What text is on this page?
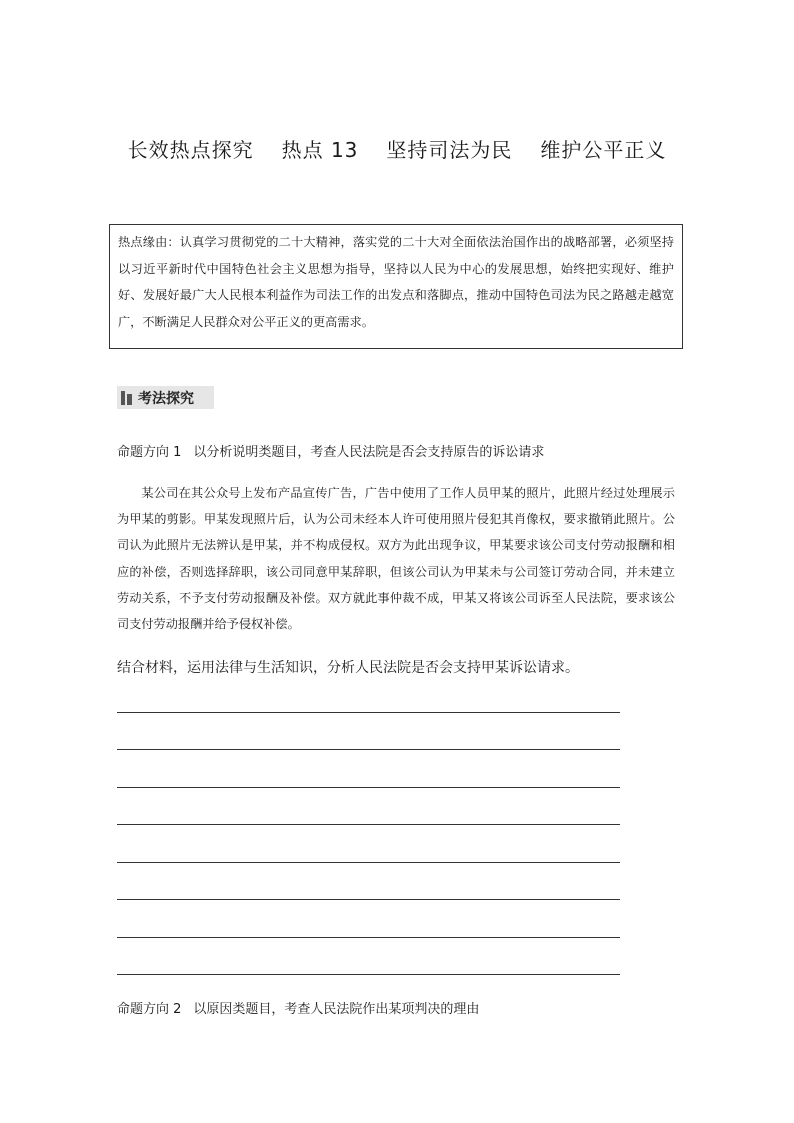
长效热点探究 热点 13 坚持司法为民 维护公平正义
热点缘由：认真学习贯彻党的二十大精神，落实党的二十大对全面依法治国作出的战略部署，必须坚持以习近平新时代中国特色社会主义思想为指导，坚持以人民为中心的发展思想，始终把实现好、维护好、发展好最广大人民根本利益作为司法工作的出发点和落脚点，推动中国特色司法为民之路越走越宽广，不断满足人民群众对公平正义的更高需求。
考法探究
命题方向 1 以分析说明类题目，考查人民法院是否会支持原告的诉讼请求
某公司在其公众号上发布产品宣传广告，广告中使用了工作人员甲某的照片，此照片经过处理展示为甲某的剪影。甲某发现照片后，认为公司未经本人许可使用照片侵犯其肖像权，要求撤销此照片。公司认为此照片无法辨认是甲某，并不构成侵权。双方为此出现争议，甲某要求该公司支付劳动报酬和相应的补偿，否则选择辞职，该公司同意甲某辞职，但该公司认为甲某未与公司签订劳动合同，并未建立劳动关系，不予支付劳动报酬及补偿。双方就此事仲裁不成，甲某又将该公司诉至人民法院，要求该公司支付劳动报酬并给予侵权补偿。
结合材料，运用法律与生活知识，分析人民法院是否会支持甲某诉讼请求。
命题方向 2 以原因类题目，考查人民法院作出某项判决的理由
